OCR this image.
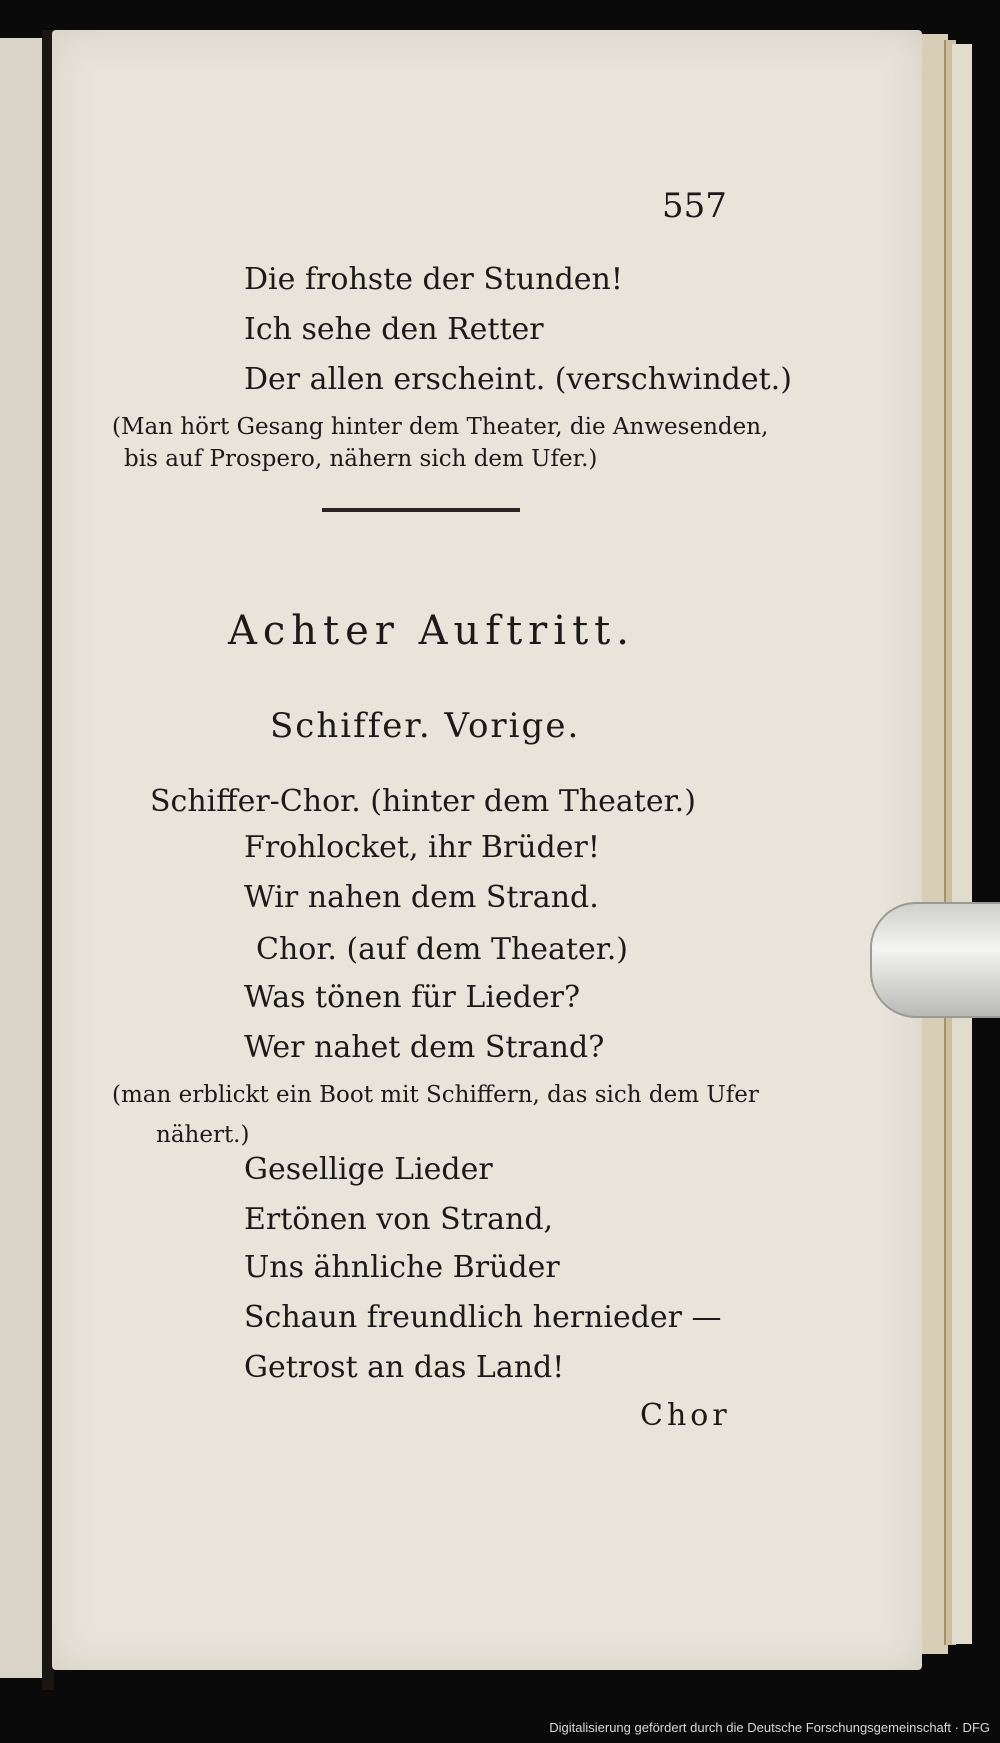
557
Die frohste der Stunden!
Ich sehe den Retter
Der allen erscheint. (verschwindet.)
(Man hört Gesang hinter dem Theater, die Anwesenden,
bis auf Prospero, nähern sich dem Ufer.)
Achter Auftritt.
Schiffer. Vorige.
Schiffer-Chor. (hinter dem Theater.)
Frohlocket, ihr Brüder!
Wir nahen dem Strand.
Chor. (auf dem Theater.)
Was tönen für Lieder?
Wer nahet dem Strand?
(man erblickt ein Boot mit Schiffern, das sich dem Ufer
nähert.)
Gesellige Lieder
Ertönen von Strand,
Uns ähnliche Brüder
Schaun freundlich hernieder —
Getrost an das Land!
Chor
Digitalisierung gefördert durch die Deutsche Forschungsgemeinschaft · DFG
